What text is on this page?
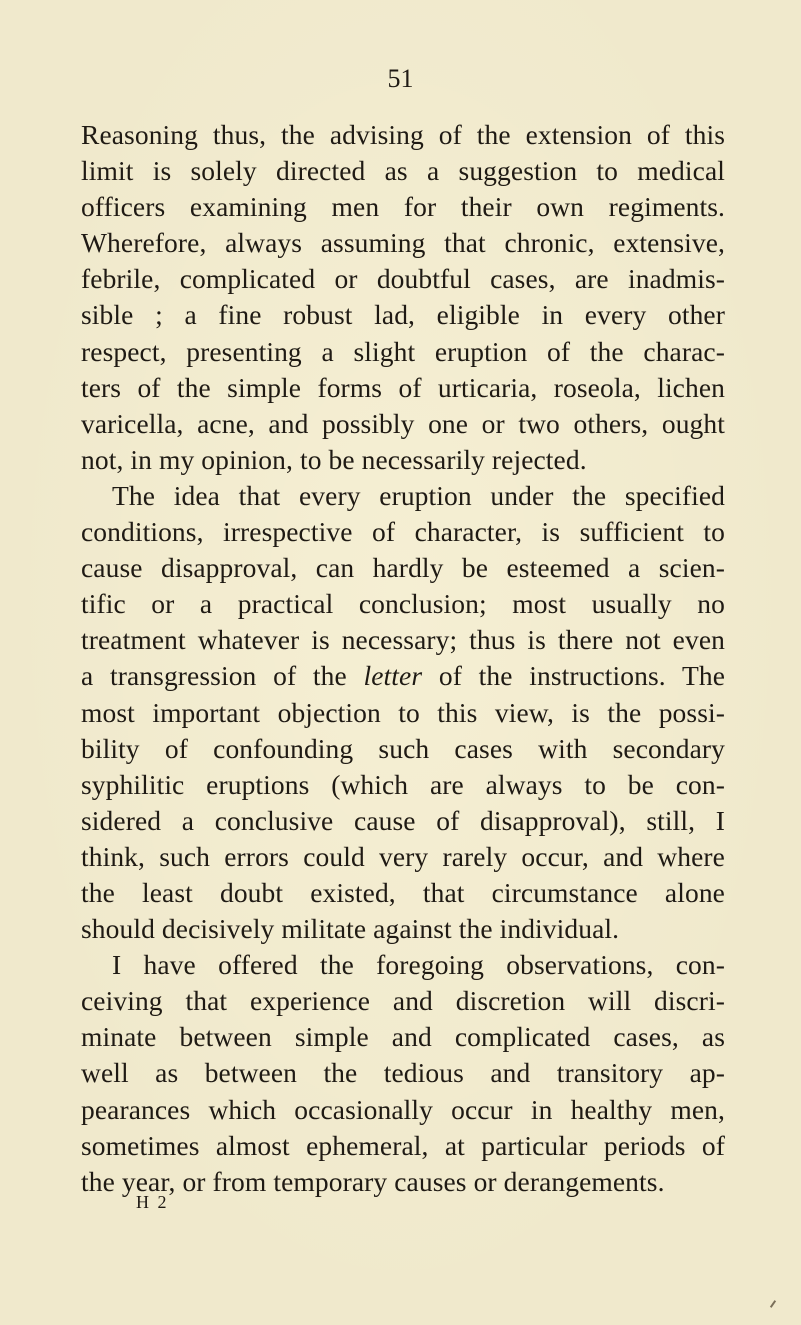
51
Reasoning thus, the advising of the extension of this
limit is solely directed as a suggestion to medical
officers examining men for their own regiments.
Wherefore, always assuming that chronic, extensive,
febrile, complicated or doubtful cases, are inadmis-
sible ; a fine robust lad, eligible in every other
respect, presenting a slight eruption of the charac-
ters of the simple forms of urticaria, roseola, lichen
varicella, acne, and possibly one or two others, ought
not, in my opinion, to be necessarily rejected.
The idea that every eruption under the specified
conditions, irrespective of character, is sufficient to
cause disapproval, can hardly be esteemed a scien-
tific or a practical conclusion; most usually no
treatment whatever is necessary; thus is there not even
a transgression of the letter of the instructions. The
most important objection to this view, is the possi-
bility of confounding such cases with secondary
syphilitic eruptions (which are always to be con-
sidered a conclusive cause of disapproval), still, I
think, such errors could very rarely occur, and where
the least doubt existed, that circumstance alone
should decisively militate against the individual.
I have offered the foregoing observations, con-
ceiving that experience and discretion will discri-
minate between simple and complicated cases, as
well as between the tedious and transitory ap-
pearances which occasionally occur in healthy men,
sometimes almost ephemeral, at particular periods of
the year, or from temporary causes or derangements.
H 2
